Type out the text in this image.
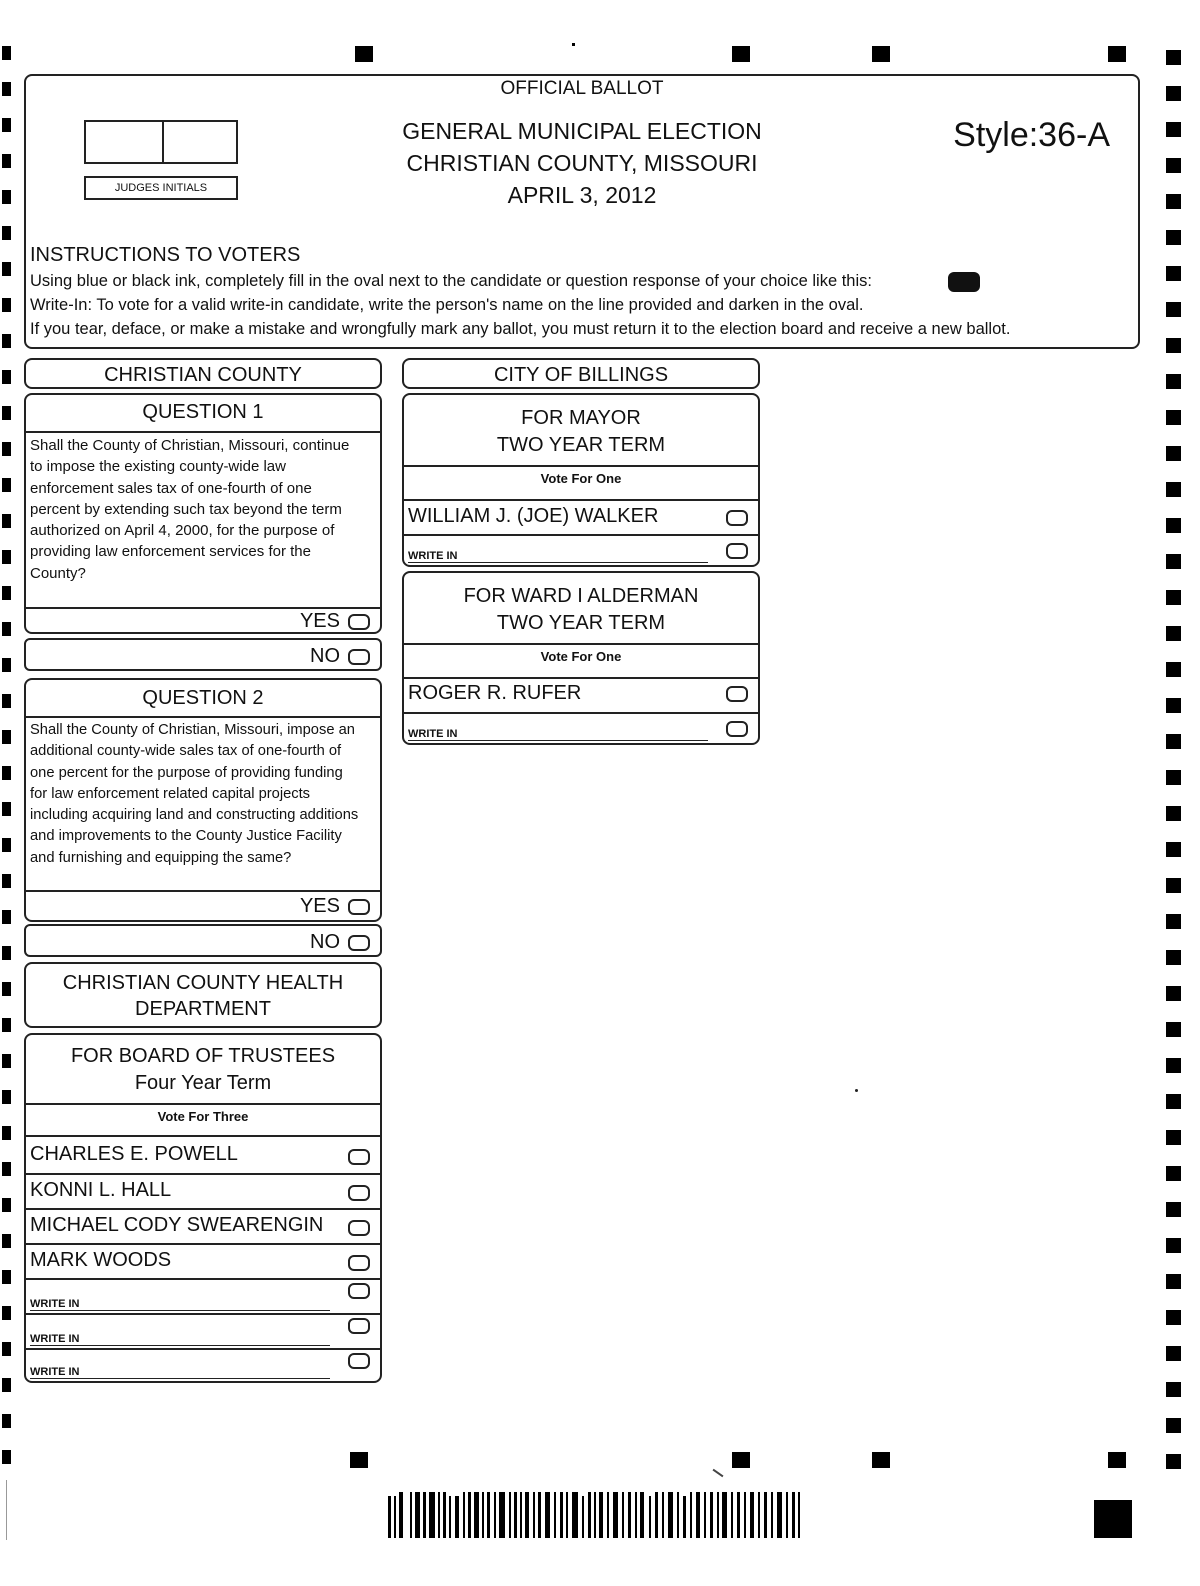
OFFICIAL BALLOT
GENERAL MUNICIPAL ELECTION
CHRISTIAN COUNTY, MISSOURI
APRIL 3, 2012
Style:36-A
JUDGES INITIALS
INSTRUCTIONS TO VOTERS
Using blue or black ink, completely fill in the oval next to the candidate or question response of your choice like this:
Write-In: To vote for a valid write-in candidate, write the person's name on the line provided and darken in the oval.
If you tear, deface, or make a mistake and wrongfully mark any ballot, you must return it to the election board and receive a new ballot.
CHRISTIAN COUNTY
QUESTION 1
Shall the County of Christian, Missouri, continue
to impose the existing county-wide law
enforcement sales tax of one-fourth of one
percent by extending such tax beyond the term
authorized on April 4, 2000, for the purpose of
providing law enforcement services for the
County?
YES
NO
QUESTION 2
Shall the County of Christian, Missouri, impose an
additional county-wide sales tax of one-fourth of
one percent for the purpose of providing funding
for law enforcement related capital projects
including acquiring land and constructing additions
and improvements to the County Justice Facility
and furnishing and equipping the same?
YES
NO
CHRISTIAN COUNTY HEALTH
DEPARTMENT
FOR BOARD OF TRUSTEES
Four Year Term
Vote For Three
CHARLES E. POWELL
KONNI L. HALL
MICHAEL CODY SWEARENGIN
MARK WOODS
WRITE IN
WRITE IN
WRITE IN
CITY OF BILLINGS
FOR MAYOR
TWO YEAR TERM
Vote For One
WILLIAM J. (JOE) WALKER
WRITE IN
FOR WARD I ALDERMAN
TWO YEAR TERM
Vote For One
ROGER R. RUFER
WRITE IN
